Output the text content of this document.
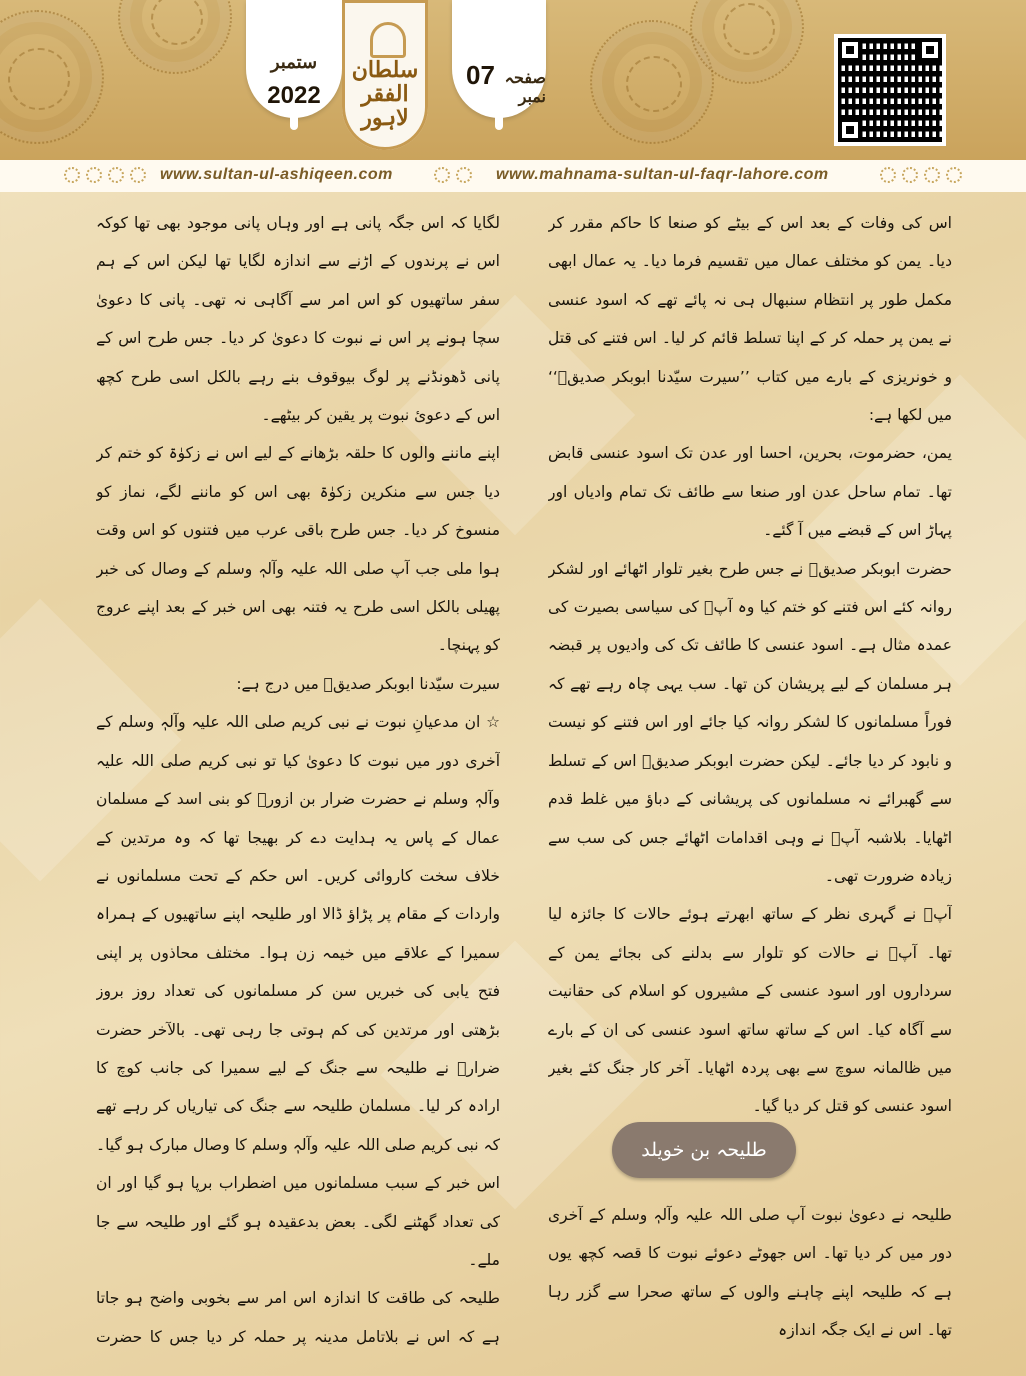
ستمبر
2022
سلطان الفقر لاہور
07 صفحہ نمبر
www.sultan-ul-ashiqeen.com	www.mahnama-sultan-ul-faqr-lahore.com

اس کی وفات کے بعد اس کے بیٹے کو صنعا کا حاکم مقرر کر دیا۔ یمن کو مختلف عمال میں تقسیم فرما دیا۔ یہ عمال ابھی مکمل طور پر انتظام سنبھال ہی نہ پائے تھے کہ اسود عنسی نے یمن پر حملہ کر کے اپنا تسلط قائم کر لیا۔ اس فتنے کی قتل و خونریزی کے بارے میں کتاب ’’سیرت سیّدنا ابوبکر صدیقؓ‘‘ میں لکھا ہے:

یمن، حضرموت، بحرین، احسا اور عدن تک اسود عنسی قابض تھا۔ تمام ساحل عدن اور صنعا سے طائف تک تمام وادیاں اور پہاڑ اس کے قبضے میں آ گئے۔

حضرت ابوبکر صدیقؓ نے جس طرح بغیر تلوار اٹھائے اور لشکر روانہ کئے اس فتنے کو ختم کیا وہ آپؓ کی سیاسی بصیرت کی عمدہ مثال ہے۔ اسود عنسی کا طائف تک کی وادیوں پر قبضہ ہر مسلمان کے لیے پریشان کن تھا۔ سب یہی چاہ رہے تھے کہ فوراً مسلمانوں کا لشکر روانہ کیا جائے اور اس فتنے کو نیست و نابود کر دیا جائے۔ لیکن حضرت ابوبکر صدیقؓ اس کے تسلط سے گھبرائے نہ مسلمانوں کی پریشانی کے دباؤ میں غلط قدم اٹھایا۔ بلاشبہ آپؓ نے وہی اقدامات اٹھائے جس کی سب سے زیادہ ضرورت تھی۔

آپؓ نے گہری نظر کے ساتھ ابھرتے ہوئے حالات کا جائزہ لیا تھا۔ آپؓ نے حالات کو تلوار سے بدلنے کی بجائے یمن کے سرداروں اور اسود عنسی کے مشیروں کو اسلام کی حقانیت سے آگاہ کیا۔ اس کے ساتھ ساتھ اسود عنسی کی ان کے بارے میں ظالمانہ سوچ سے بھی پردہ اٹھایا۔ آخر کار جنگ کئے بغیر اسود عنسی کو قتل کر دیا گیا۔

طلیحہ بن خویلد

طلیحہ نے دعویٰ نبوت آپ صلی اللہ علیہ وآلہٖ وسلم کے آخری دور میں کر دیا تھا۔ اس جھوٹے دعوئے نبوت کا قصہ کچھ یوں ہے کہ طلیحہ اپنے چاہنے والوں کے ساتھ صحرا سے گزر رہا تھا۔ اس نے ایک جگہ اندازہ

لگایا کہ اس جگہ پانی ہے اور وہاں پانی موجود بھی تھا کوکہ اس نے پرندوں کے اڑنے سے اندازہ لگایا تھا لیکن اس کے ہم سفر ساتھیوں کو اس امر سے آگاہی نہ تھی۔ پانی کا دعویٰ سچا ہونے پر اس نے نبوت کا دعویٰ کر دیا۔ جس طرح اس کے پانی ڈھونڈنے پر لوگ بیوقوف بنے رہے بالکل اسی طرح کچھ اس کے دعوئ نبوت پر یقین کر بیٹھے۔

اپنے ماننے والوں کا حلقہ بڑھانے کے لیے اس نے زکوٰۃ کو ختم کر دیا جس سے منکرین زکوٰۃ بھی اس کو ماننے لگے، نماز کو منسوخ کر دیا۔ جس طرح باقی عرب میں فتنوں کو اس وقت ہوا ملی جب آپ صلی اللہ علیہ وآلہٖ وسلم کے وصال کی خبر پھیلی بالکل اسی طرح یہ فتنہ بھی اس خبر کے بعد اپنے عروج کو پہنچا۔

سیرت سیّدنا ابوبکر صدیقؓ میں درج ہے:

☆ ان مدعیانِ نبوت نے نبی کریم صلی اللہ علیہ وآلہٖ وسلم کے آخری دور میں نبوت کا دعویٰ کیا تو نبی کریم صلی اللہ علیہ وآلہٖ وسلم نے حضرت ضرار بن ازورؓ کو بنی اسد کے مسلمان عمال کے پاس یہ ہدایت دے کر بھیجا تھا کہ وہ مرتدین کے خلاف سخت کاروائی کریں۔ اس حکم کے تحت مسلمانوں نے واردات کے مقام پر پڑاؤ ڈالا اور طلیحہ اپنے ساتھیوں کے ہمراہ سمیرا کے علاقے میں خیمہ زن ہوا۔ مختلف محاذوں پر اپنی فتح یابی کی خبریں سن کر مسلمانوں کی تعداد روز بروز بڑھتی اور مرتدین کی کم ہوتی جا رہی تھی۔ بالآخر حضرت ضرارؓ نے طلیحہ سے جنگ کے لیے سمیرا کی جانب کوچ کا ارادہ کر لیا۔ مسلمان طلیحہ سے جنگ کی تیاریاں کر رہے تھے کہ نبی کریم صلی اللہ علیہ وآلہٖ وسلم کا وصال مبارک ہو گیا۔ اس خبر کے سبب مسلمانوں میں اضطراب برپا ہو گیا اور ان کی تعداد گھٹنے لگی۔ بعض بدعقیدہ ہو گئے اور طلیحہ سے جا ملے۔

طلیحہ کی طاقت کا اندازہ اس امر سے بخوبی واضح ہو جاتا ہے کہ اس نے بلاتامل مدینہ پر حملہ کر دیا جس کا حضرت
